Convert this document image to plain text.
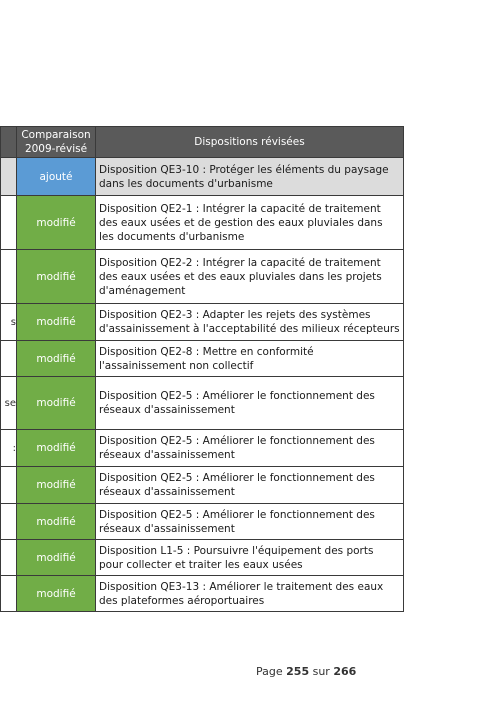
	Comparaison 2009-révisé	Dispositions révisées
	ajouté	Disposition QE3-10 : Protéger les éléments du paysage dans les documents d'urbanisme
	modifié	Disposition QE2-1 : Intégrer la capacité de traitement des eaux usées et de gestion des eaux pluviales dans les documents d'urbanisme
	modifié	Disposition QE2-2 : Intégrer la capacité de traitement des eaux usées et des eaux pluviales dans les projets d'aménagement
s	modifié	Disposition QE2-3 : Adapter les rejets des systèmes d'assainissement à l'acceptabilité des milieux récepteurs
	modifié	Disposition QE2-8 : Mettre en conformité l'assainissement non collectif
se	modifié	Disposition QE2-5 : Améliorer le fonctionnement des réseaux d'assainissement
:	modifié	Disposition QE2-5 : Améliorer le fonctionnement des réseaux d'assainissement
	modifié	Disposition QE2-5 : Améliorer le fonctionnement des réseaux d'assainissement
	modifié	Disposition QE2-5 : Améliorer le fonctionnement des réseaux d'assainissement
	modifié	Disposition L1-5 : Poursuivre l'équipement des ports pour collecter et traiter les eaux usées
	modifié	Disposition QE3-13 : Améliorer le traitement des eaux des plateformes aéroportuaires
Page 255 sur 266
